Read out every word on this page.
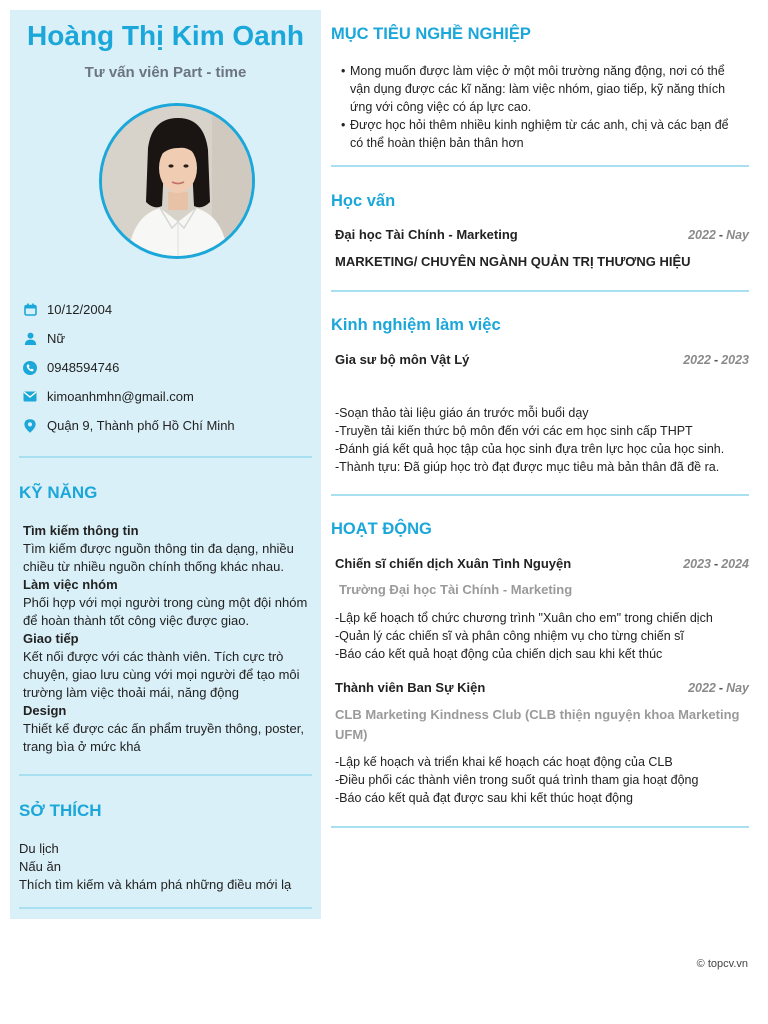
Hoàng Thị Kim Oanh
Tư vấn viên Part - time
10/12/2004
Nữ
0948594746
kimoanhmhn@gmail.com
Quận 9, Thành phố Hồ Chí Minh
KỸ NĂNG
Tìm kiếm thông tin
Tìm kiếm được nguồn thông tin đa dạng, nhiều chiều từ nhiều nguồn chính thống khác nhau.
Làm việc nhóm
Phối hợp với mọi người trong cùng một đội nhóm để hoàn thành tốt công việc được giao.
Giao tiếp
Kết nối được với các thành viên. Tích cực trò chuyện, giao lưu cùng với mọi người để tạo môi trường làm việc thoải mái, năng động
Design
Thiết kế được các ấn phẩm truyền thông, poster, trang bìa ở mức khá
SỞ THÍCH
Du lịch
Nấu ăn
Thích tìm kiếm và khám phá những điều mới lạ
MỤC TIÊU NGHỀ NGHIỆP
• Mong muốn được làm việc ở một môi trường năng động, nơi có thể vận dụng được các kĩ năng: làm việc nhóm, giao tiếp, kỹ năng thích ứng với công việc có áp lực cao.
• Được học hỏi thêm nhiều kinh nghiệm từ các anh, chị và các bạn để có thể hoàn thiện bản thân hơn
Học vấn
Đại học Tài Chính - Marketing	2022 - Nay
MARKETING/ CHUYÊN NGÀNH QUẢN TRỊ THƯƠNG HIỆU
Kinh nghiệm làm việc
Gia sư bộ môn Vật Lý	2022 - 2023
-Soạn thảo tài liệu giáo án trước mỗi buổi dạy
-Truyền tải kiến thức bộ môn đến với các em học sinh cấp THPT
-Đánh giá kết quả học tập của học sinh đựa trên lực học của học sinh.
-Thành tựu: Đã giúp học trò đạt được mục tiêu mà bản thân đã đề ra.
HOẠT ĐỘNG
Chiến sĩ chiến dịch Xuân Tình Nguyện	2023 - 2024
Trường Đại học Tài Chính - Marketing
-Lập kế hoạch tổ chức chương trình "Xuân cho em" trong chiến dịch
-Quản lý các chiến sĩ và phân công nhiệm vụ cho từng chiến sĩ
-Báo cáo kết quả hoạt động của chiến dịch sau khi kết thúc
Thành viên Ban Sự Kiện	2022 - Nay
CLB Marketing Kindness Club (CLB thiện nguyện khoa Marketing UFM)
-Lập kế hoạch và triển khai kế hoạch các hoạt động của CLB
-Điều phối các thành viên trong suốt quá trình tham gia hoạt động
-Báo cáo kết quả đạt được sau khi kết thúc hoạt động
© topcv.vn
